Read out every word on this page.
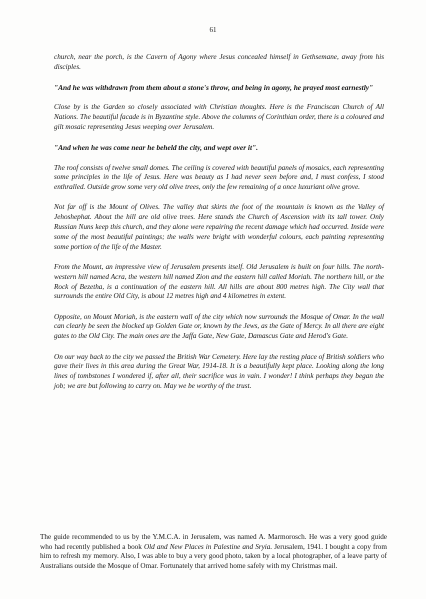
61

church, near the porch, is the Cavern of Agony where Jesus concealed himself in Gethsemane, away from his disciples.

"And he was withdrawn from them about a stone's throw, and being in agony, he prayed most earnestly"

Close by is the Garden so closely associated with Christian thoughts. Here is the Franciscan Church of All Nations. The beautiful facade is in Byzantine style. Above the columns of Corinthian order, there is a coloured and gilt mosaic representing Jesus weeping over Jerusalem.

"And when he was come near he beheld the city, and wept over it".

The roof consists of twelve small domes. The ceiling is covered with beautiful panels of mosaics, each representing some principles in the life of Jesus. Here was beauty as I had never seen before and, I must confess, I stood enthralled. Outside grow some very old olive trees, only the few remaining of a once luxuriant olive grove.

Not far off is the Mount of Olives. The valley that skirts the foot of the mountain is known as the Valley of Jehoshephat. About the hill are old olive trees. Here stands the Church of Ascension with its tall tower. Only Russian Nuns keep this church, and they alone were repairing the recent damage which had occurred. Inside were some of the most beautiful paintings; the walls were bright with wonderful colours, each painting representing some portion of the life of the Master.

From the Mount, an impressive view of Jerusalem presents itself. Old Jerusalem is built on four hills. The north-western hill named Acra, the western hill named Zion and the eastern hill called Moriah. The northern hill, or the Rock of Bezetha, is a continuation of the eastern hill. All hills are about 800 metres high. The City wall that surrounds the entire Old City, is about 12 metres high and 4 kilometres in extent.

Opposite, on Mount Moriah, is the eastern wall of the city which now surrounds the Mosque of Omar. In the wall can clearly be seen the blocked up Golden Gate or, known by the Jews, as the Gate of Mercy. In all there are eight gates to the Old City. The main ones are the Jaffa Gate, New Gate, Damascus Gate and Herod's Gate.

On our way back to the city we passed the British War Cemetery. Here lay the resting place of British soldiers who gave their lives in this area during the Great War, 1914-18. It is a beautifully kept place. Looking along the long lines of tombstones I wondered if, after all, their sacrifice was in vain. I wonder! I think perhaps they began the job; we are but following to carry on. May we be worthy of the trust.

The guide recommended to us by the Y.M.C.A. in Jerusalem, was named A. Marmorosch. He was a very good guide who had recently published a book Old and New Places in Palestine and Sryia. Jerusalem, 1941. I bought a copy from him to refresh my memory. Also, I was able to buy a very good photo, taken by a local photographer, of a leave party of Australians outside the Mosque of Omar. Fortunately that arrived home safely with my Christmas mail.
